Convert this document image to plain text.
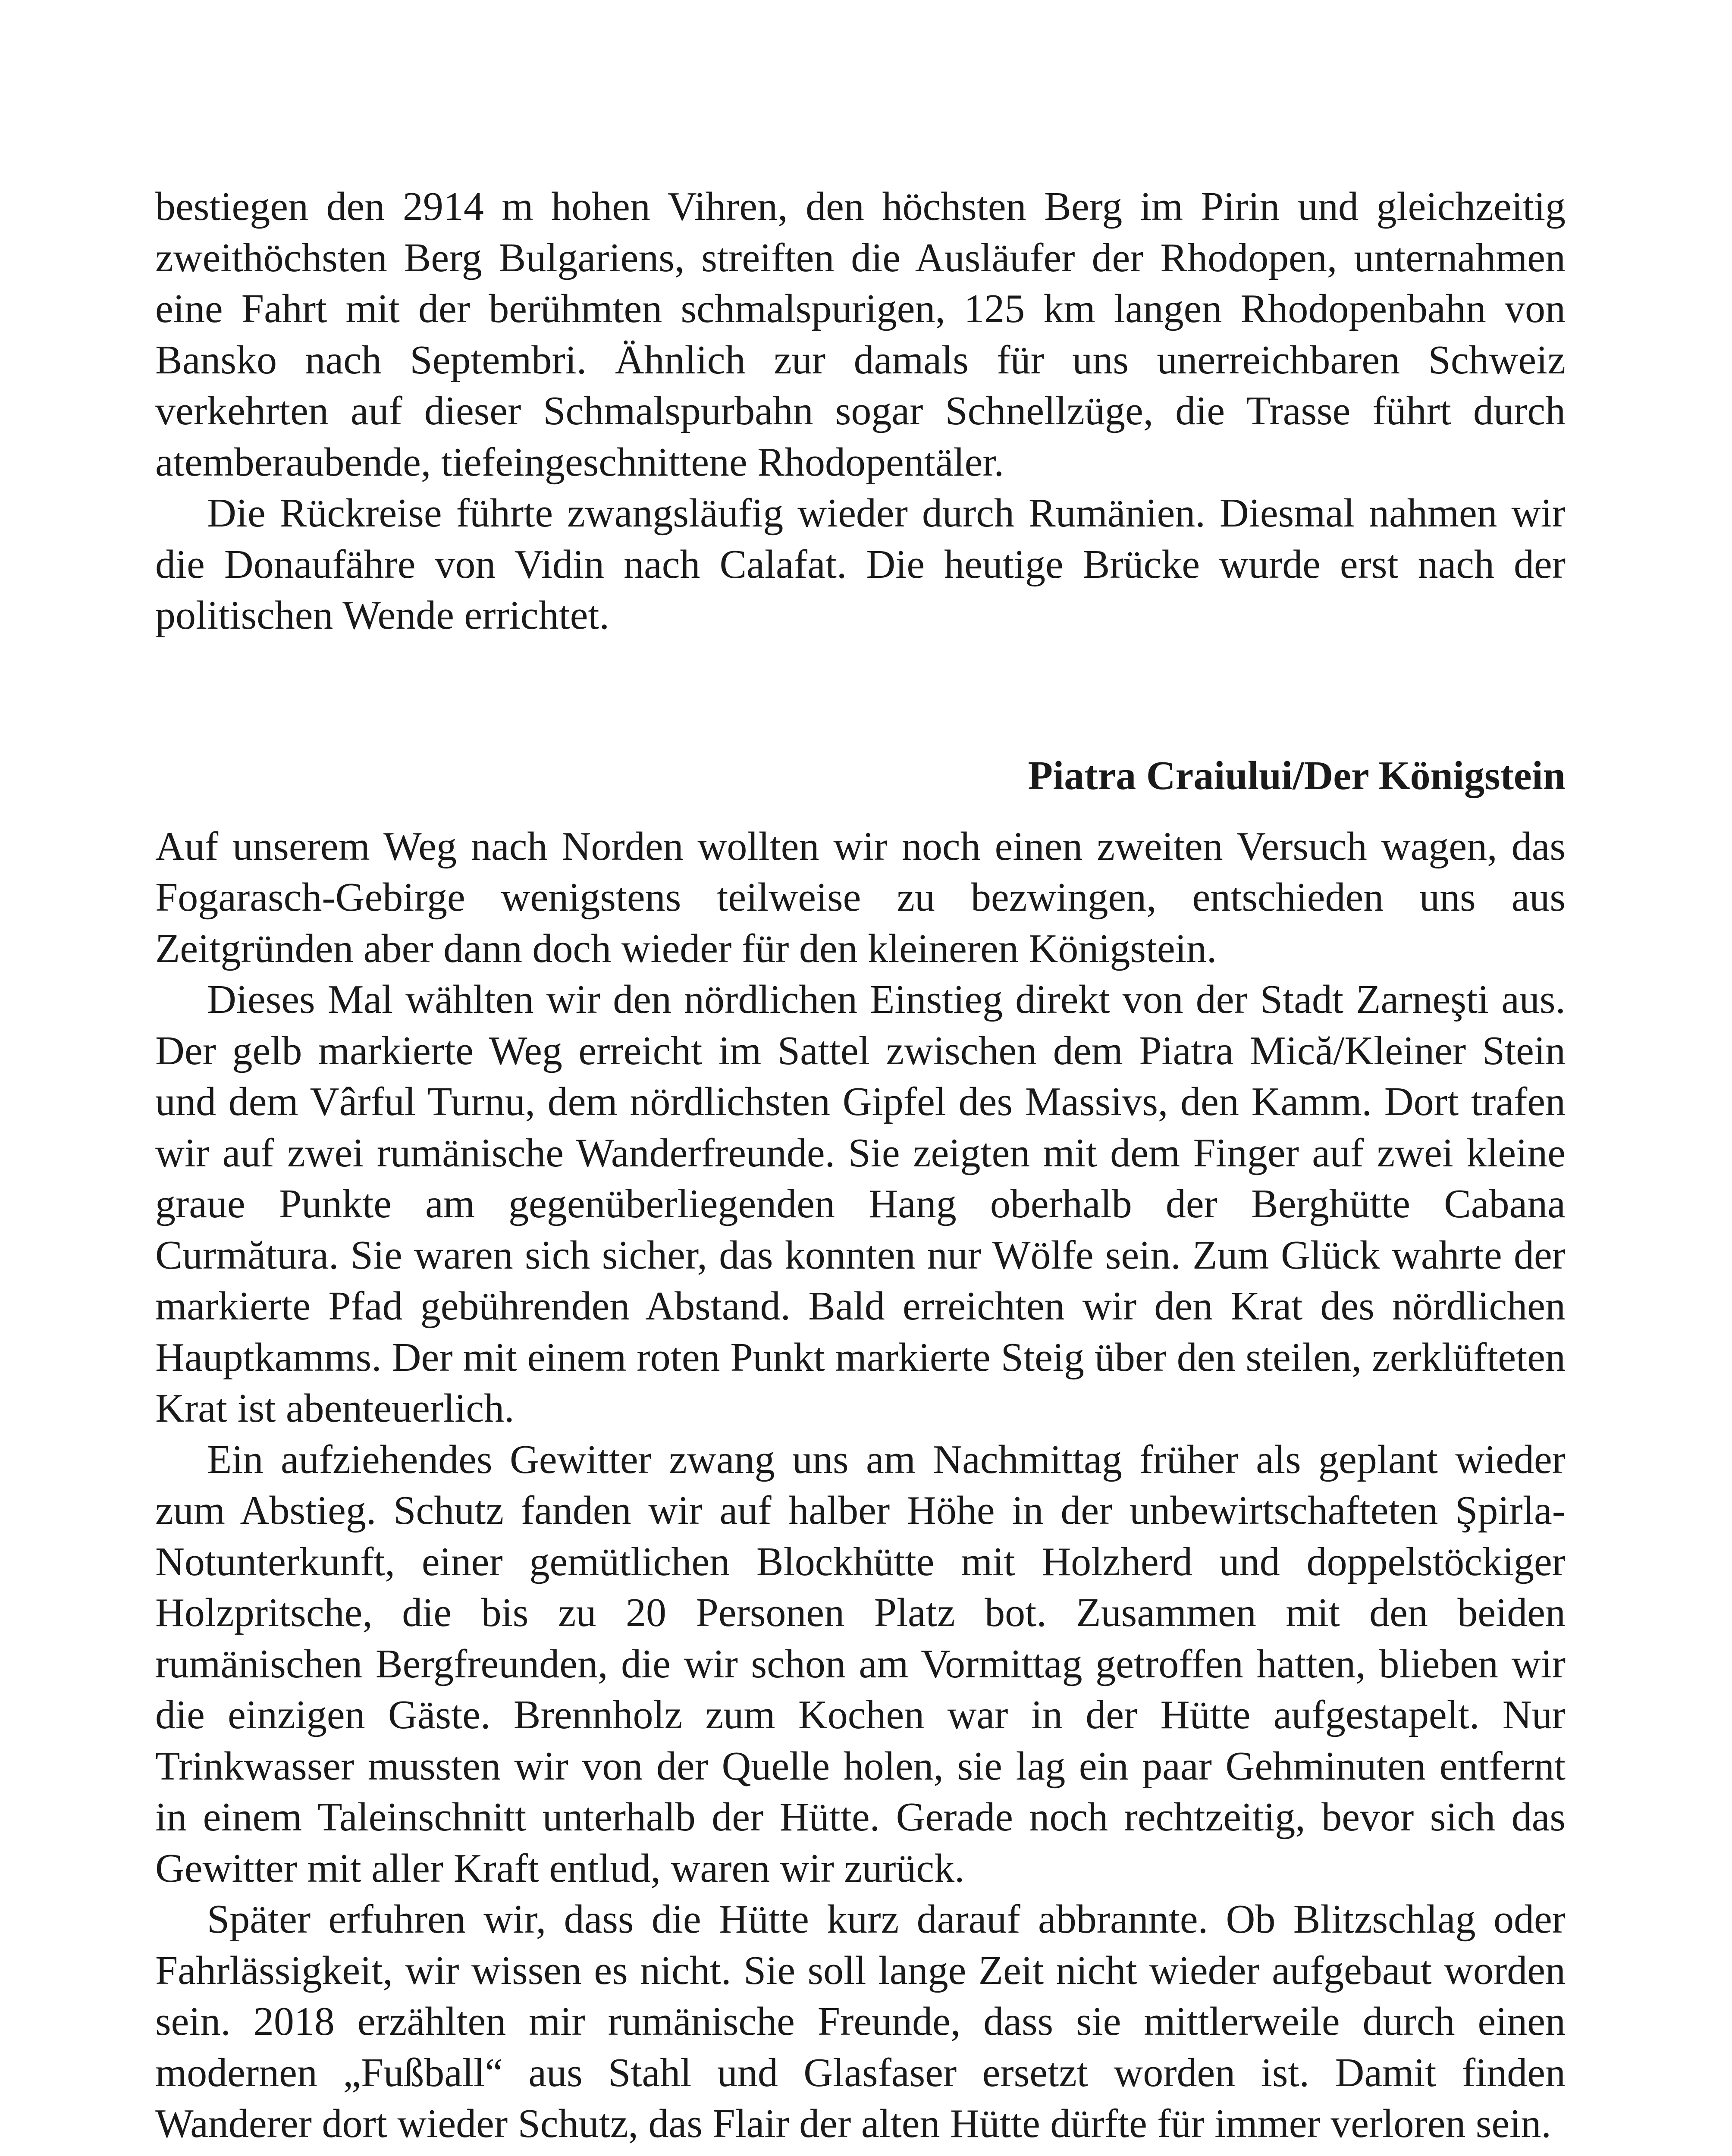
bestiegen den 2914 m hohen Vihren, den höchsten Berg im Pirin und gleichzeitig zweithöchsten Berg Bulgariens, streiften die Ausläufer der Rhodopen, unternahmen eine Fahrt mit der berühmten schmalspurigen, 125 km langen Rhodopenbahn von Bansko nach Septembri. Ähnlich zur damals für uns unerreichbaren Schweiz verkehrten auf dieser Schmalspurbahn sogar Schnellzüge, die Trasse führt durch atemberaubende, tiefeingeschnittene Rhodopentäler.

Die Rückreise führte zwangsläufig wieder durch Rumänien. Diesmal nahmen wir die Donaufähre von Vidin nach Calafat. Die heutige Brücke wurde erst nach der politischen Wende errichtet.

Piatra Craiului/Der Königstein

Auf unserem Weg nach Norden wollten wir noch einen zweiten Versuch wagen, das Fogarasch-Gebirge wenigstens teilweise zu bezwingen, entschieden uns aus Zeitgründen aber dann doch wieder für den kleineren Königstein.

Dieses Mal wählten wir den nördlichen Einstieg direkt von der Stadt Zarneşti aus. Der gelb markierte Weg erreicht im Sattel zwischen dem Piatra Mică/Kleiner Stein und dem Vârful Turnu, dem nördlichsten Gipfel des Massivs, den Kamm. Dort trafen wir auf zwei rumänische Wanderfreunde. Sie zeigten mit dem Finger auf zwei kleine graue Punkte am gegenüberliegenden Hang oberhalb der Berghütte Cabana Curmătura. Sie waren sich sicher, das konnten nur Wölfe sein. Zum Glück wahrte der markierte Pfad gebührenden Abstand. Bald erreichten wir den Krat des nördlichen Hauptkamms. Der mit einem roten Punkt markierte Steig über den steilen, zerklüfteten Krat ist abenteuerlich.

Ein aufziehendes Gewitter zwang uns am Nachmittag früher als geplant wieder zum Abstieg. Schutz fanden wir auf halber Höhe in der unbewirtschafteten Şpirla-Notunterkunft, einer gemütlichen Blockhütte mit Holzherd und doppelstöckiger Holzpritsche, die bis zu 20 Personen Platz bot. Zusammen mit den beiden rumänischen Bergfreunden, die wir schon am Vormittag getroffen hatten, blieben wir die einzigen Gäste. Brennholz zum Kochen war in der Hütte aufgestapelt. Nur Trinkwasser mussten wir von der Quelle holen, sie lag ein paar Gehminuten entfernt in einem Taleinschnitt unterhalb der Hütte. Gerade noch rechtzeitig, bevor sich das Gewitter mit aller Kraft entlud, waren wir zurück.

Später erfuhren wir, dass die Hütte kurz darauf abbrannte. Ob Blitzschlag oder Fahrlässigkeit, wir wissen es nicht. Sie soll lange Zeit nicht wieder aufgebaut worden sein. 2018 erzählten mir rumänische Freunde, dass sie mittlerweile durch einen modernen „Fußball“ aus Stahl und Glasfaser ersetzt worden ist. Damit finden Wanderer dort wieder Schutz, das Flair der alten Hütte dürfte für immer verloren sein.
